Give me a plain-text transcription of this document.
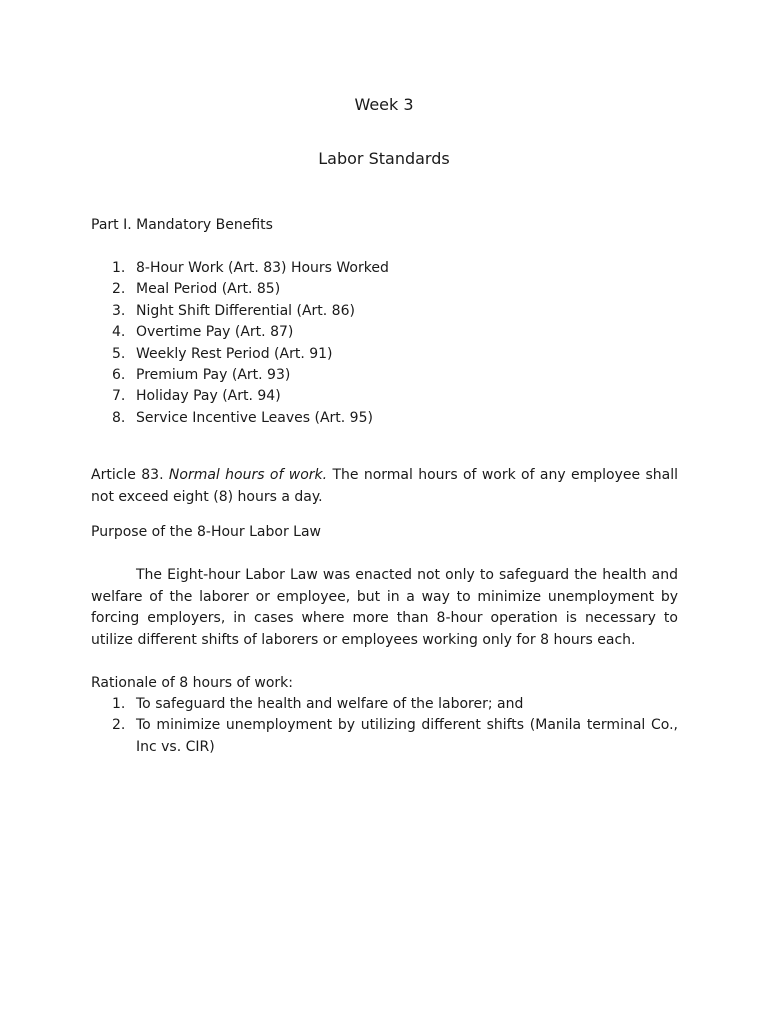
Week 3
Labor Standards

Part I. Mandatory Benefits

1. 8-Hour Work (Art. 83) Hours Worked
2. Meal Period (Art. 85)
3. Night Shift Differential (Art. 86)
4. Overtime Pay (Art. 87)
5. Weekly Rest Period (Art. 91)
6. Premium Pay (Art. 93)
7. Holiday Pay (Art. 94)
8. Service Incentive Leaves (Art. 95)

Article 83. Normal hours of work. The normal hours of work of any employee shall not exceed eight (8) hours a day.

Purpose of the 8-Hour Labor Law

The Eight-hour Labor Law was enacted not only to safeguard the health and welfare of the laborer or employee, but in a way to minimize unemployment by forcing employers, in cases where more than 8-hour operation is necessary to utilize different shifts of laborers or employees working only for 8 hours each.

Rationale of 8 hours of work:

1. To safeguard the health and welfare of the laborer; and
2. To minimize unemployment by utilizing different shifts (Manila terminal Co., Inc vs. CIR)
